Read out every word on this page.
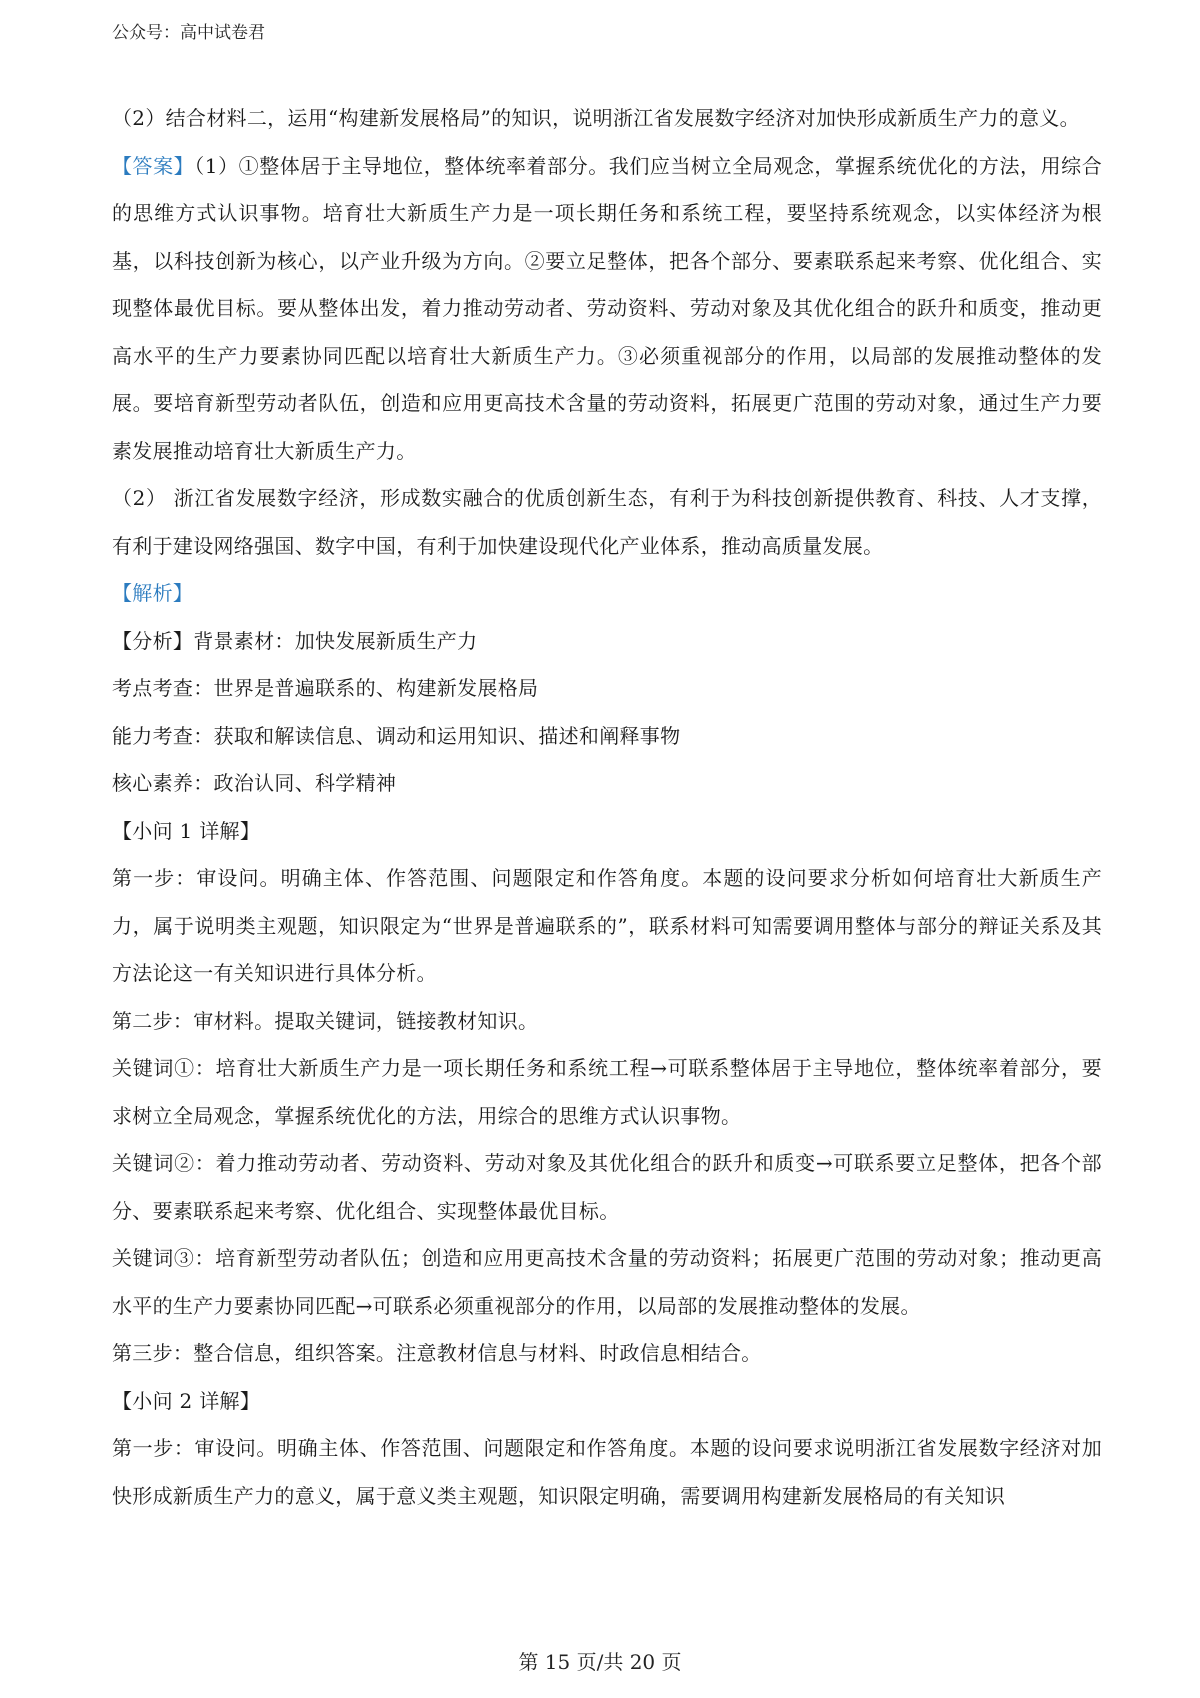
公众号：高中试卷君

（2）结合材料二，运用“构建新发展格局”的知识，说明浙江省发展数字经济对加快形成新质生产力的意义。

【答案】（1）①整体居于主导地位，整体统率着部分。我们应当树立全局观念，掌握系统优化的方法，用综合的思维方式认识事物。培育壮大新质生产力是一项长期任务和系统工程，要坚持系统观念，以实体经济为根基，以科技创新为核心，以产业升级为方向。②要立足整体，把各个部分、要素联系起来考察、优化组合、实现整体最优目标。要从整体出发，着力推动劳动者、劳动资料、劳动对象及其优化组合的跃升和质变，推动更高水平的生产力要素协同匹配以培育壮大新质生产力。③必须重视部分的作用，以局部的发展推动整体的发展。要培育新型劳动者队伍，创造和应用更高技术含量的劳动资料，拓展更广范围的劳动对象，通过生产力要素发展推动培育壮大新质生产力。

（2） 浙江省发展数字经济，形成数实融合的优质创新生态，有利于为科技创新提供教育、科技、人才支撑，有利于建设网络强国、数字中国，有利于加快建设现代化产业体系，推动高质量发展。

【解析】

【分析】背景素材：加快发展新质生产力

考点考查：世界是普遍联系的、构建新发展格局

能力考查：获取和解读信息、调动和运用知识、描述和阐释事物

核心素养：政治认同、科学精神

【小问 1 详解】

第一步：审设问。明确主体、作答范围、问题限定和作答角度。本题的设问要求分析如何培育壮大新质生产力，属于说明类主观题，知识限定为“世界是普遍联系的”，联系材料可知需要调用整体与部分的辩证关系及其方法论这一有关知识进行具体分析。

第二步：审材料。提取关键词，链接教材知识。

关键词①：培育壮大新质生产力是一项长期任务和系统工程→可联系整体居于主导地位，整体统率着部分，要求树立全局观念，掌握系统优化的方法，用综合的思维方式认识事物。

关键词②：着力推动劳动者、劳动资料、劳动对象及其优化组合的跃升和质变→可联系要立足整体，把各个部分、要素联系起来考察、优化组合、实现整体最优目标。

关键词③：培育新型劳动者队伍；创造和应用更高技术含量的劳动资料；拓展更广范围的劳动对象；推动更高水平的生产力要素协同匹配→可联系必须重视部分的作用，以局部的发展推动整体的发展。

第三步：整合信息，组织答案。注意教材信息与材料、时政信息相结合。

【小问 2 详解】

第一步：审设问。明确主体、作答范围、问题限定和作答角度。本题的设问要求说明浙江省发展数字经济对加快形成新质生产力的意义，属于意义类主观题，知识限定明确，需要调用构建新发展格局的有关知识

第 15 页/共 20 页
